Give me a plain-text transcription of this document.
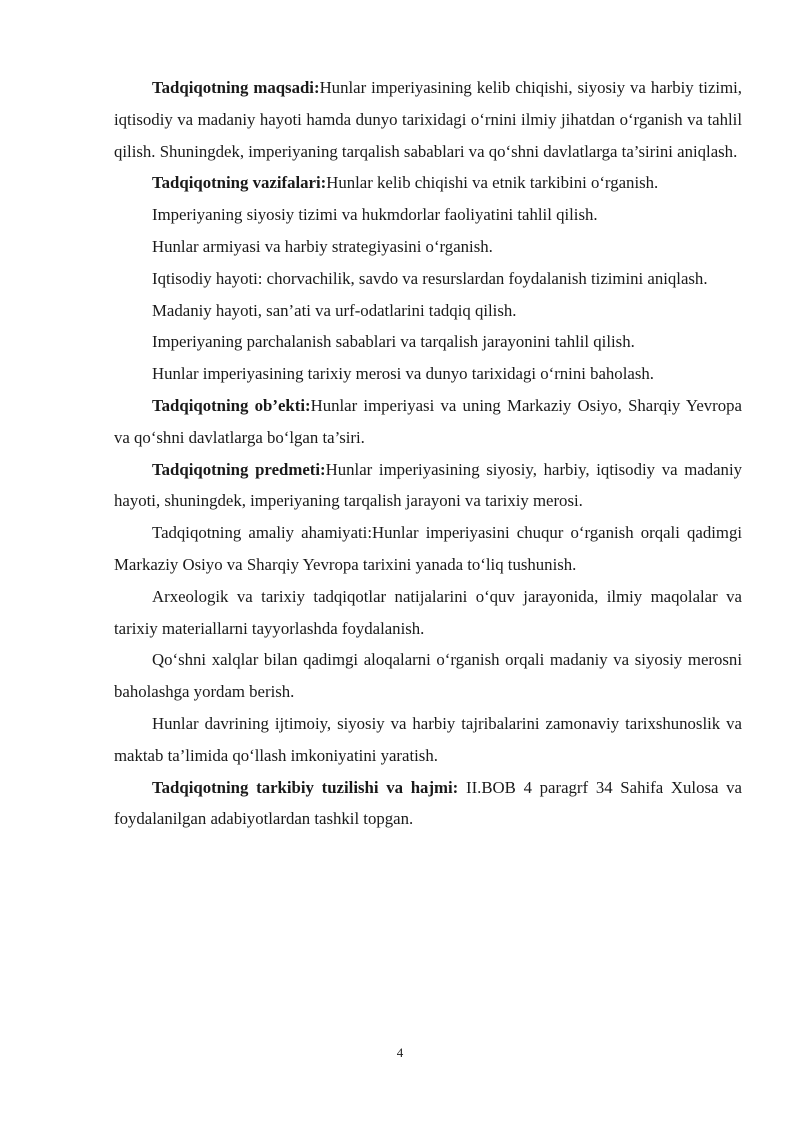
Tadqiqotning maqsadi:Hunlar imperiyasining kelib chiqishi, siyosiy va harbiy tizimi, iqtisodiy va madaniy hayoti hamda dunyo tarixidagi o‘rnini ilmiy jihatdan o‘rganish va tahlil qilish. Shuningdek, imperiyaning tarqalish sabablari va qo‘shni davlatlarga ta’sirini aniqlash.

Tadqiqotning vazifalari:Hunlar kelib chiqishi va etnik tarkibini o‘rganish.

Imperiyaning siyosiy tizimi va hukmdorlar faoliyatini tahlil qilish.

Hunlar armiyasi va harbiy strategiyasini o‘rganish.

Iqtisodiy hayoti: chorvachilik, savdo va resurslardan foydalanish tizimini aniqlash.

Madaniy hayoti, san’ati va urf-odatlarini tadqiq qilish.

Imperiyaning parchalanish sabablari va tarqalish jarayonini tahlil qilish.

Hunlar imperiyasining tarixiy merosi va dunyo tarixidagi o‘rnini baholash.

Tadqiqotning ob’ekti:Hunlar imperiyasi va uning Markaziy Osiyo, Sharqiy Yevropa va qo‘shni davlatlarga bo‘lgan ta’siri.

Tadqiqotning predmeti:Hunlar imperiyasining siyosiy, harbiy, iqtisodiy va madaniy hayoti, shuningdek, imperiyaning tarqalish jarayoni va tarixiy merosi.

Tadqiqotning amaliy ahamiyati:Hunlar imperiyasini chuqur o‘rganish orqali qadimgi Markaziy Osiyo va Sharqiy Yevropa tarixini yanada to‘liq tushunish.

Arxeologik va tarixiy tadqiqotlar natijalarini o‘quv jarayonida, ilmiy maqolalar va tarixiy materiallarni tayyorlashda foydalanish.

Qo‘shni xalqlar bilan qadimgi aloqalarni o‘rganish orqali madaniy va siyosiy merosni baholashga yordam berish.

Hunlar davrining ijtimoiy, siyosiy va harbiy tajribalarini zamonaviy tarixshunoslik va maktab ta’limida qo‘llash imkoniyatini yaratish.

Tadqiqotning tarkibiy tuzilishi va hajmi: II.BOB 4 paragrf 34 Sahifa Xulosa va foydalanilgan adabiyotlardan tashkil topgan.

4
